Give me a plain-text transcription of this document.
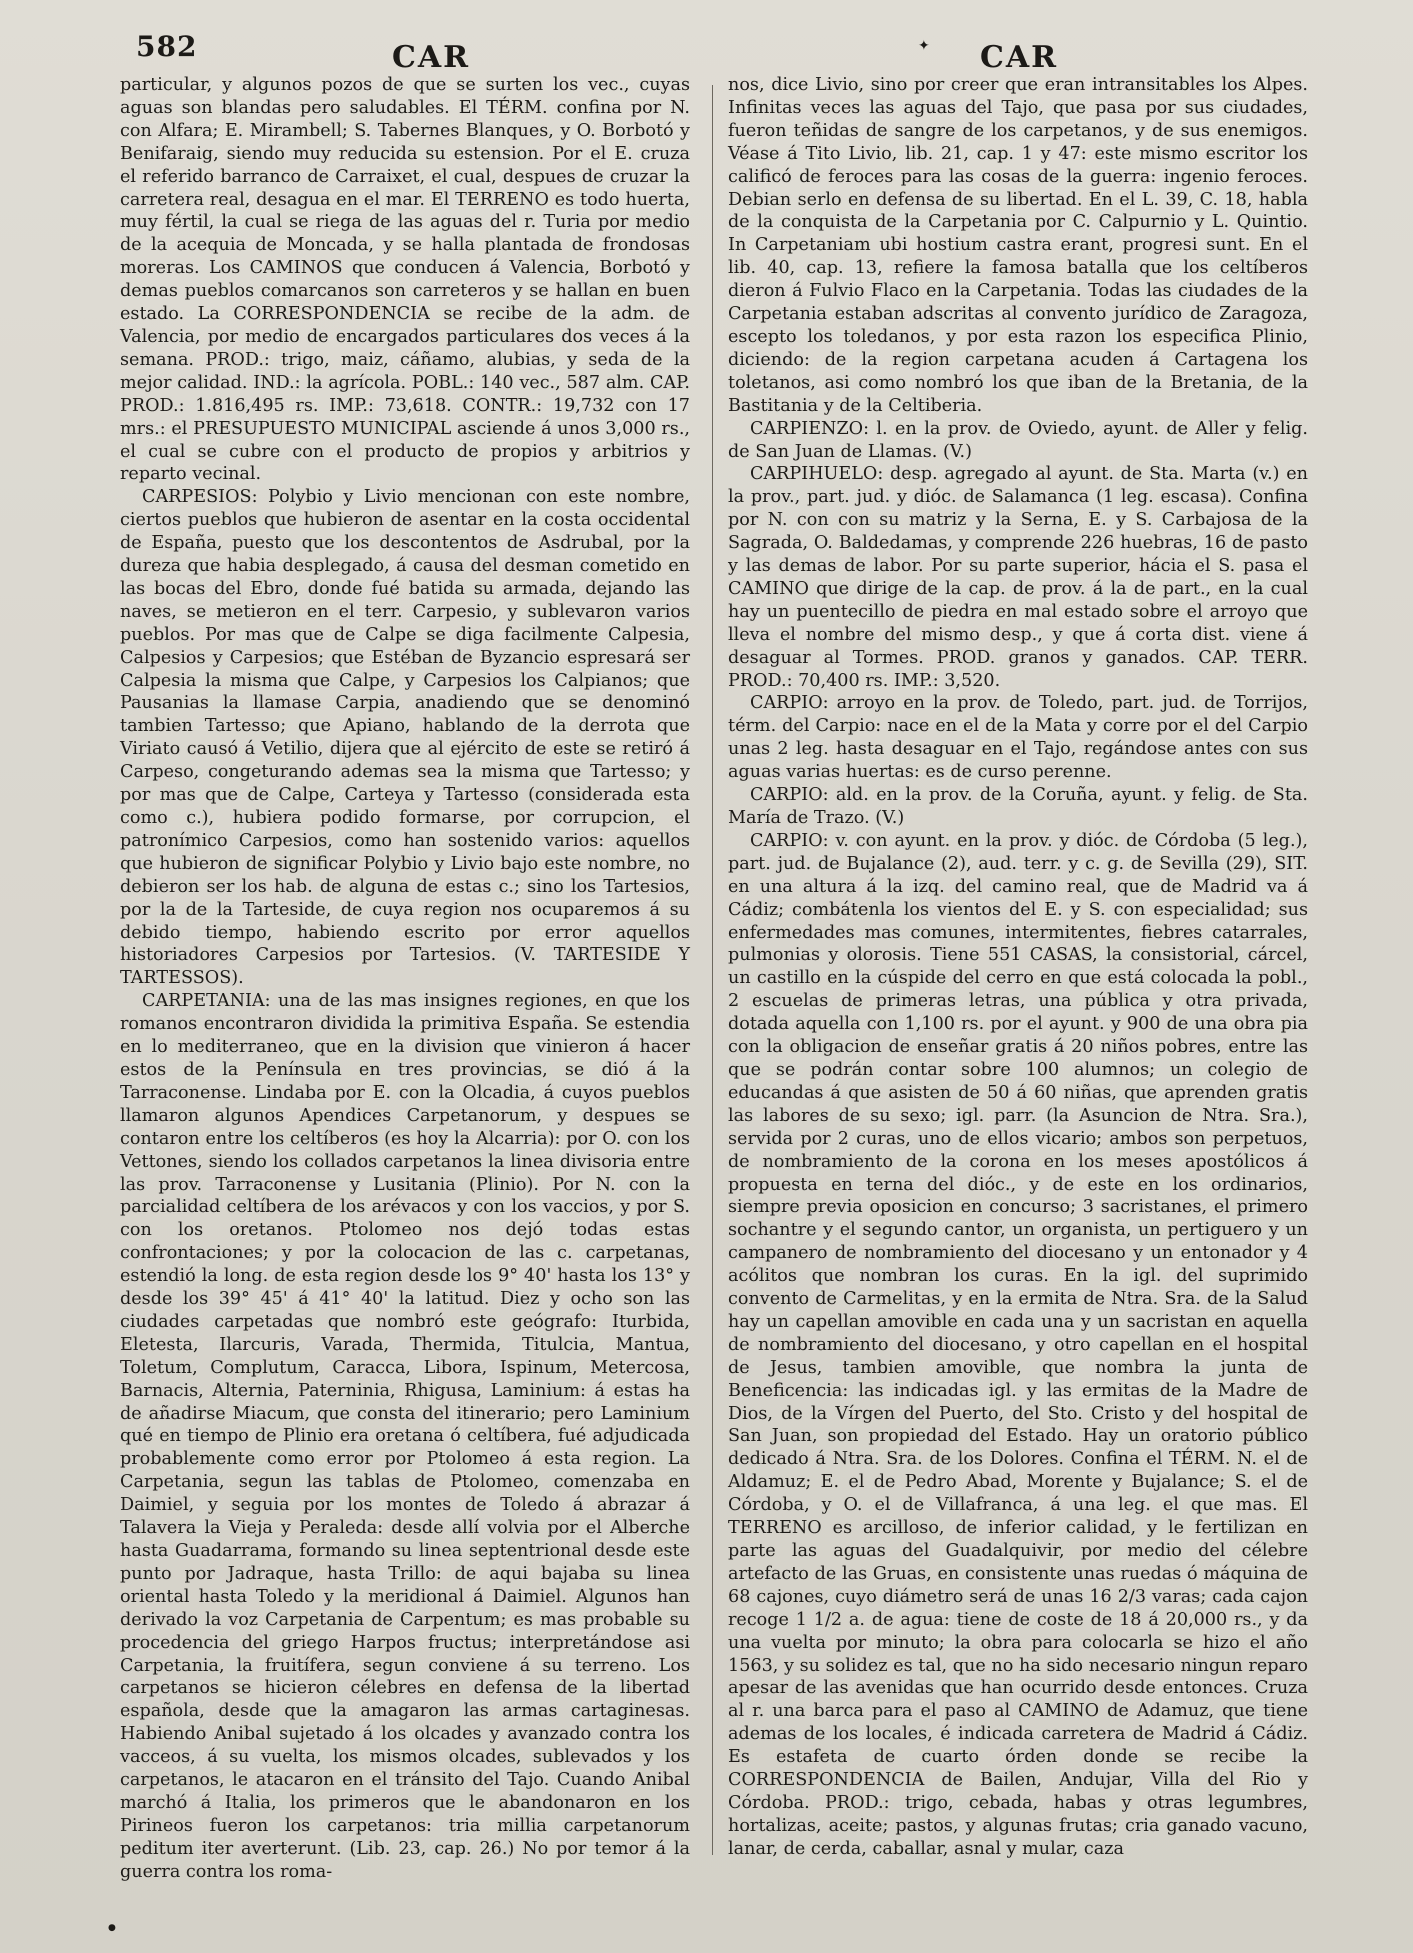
582	CAR	✦ CAR

particular, y algunos pozos de que se surten los vec., cuyas aguas son blandas pero saludables. El TÉRM. confina por N. con Alfara; E. Mirambell; S. Tabernes Blanques, y O. Borbotó y Benifaraig, siendo muy reducida su estension. Por el E. cruza el referido barranco de Carraixet, el cual, despues de cruzar la carretera real, desagua en el mar. El TERRENO es todo huerta, muy fértil, la cual se riega de las aguas del r. Turia por medio de la acequia de Moncada, y se halla plantada de frondosas moreras. Los CAMINOS que conducen á Valencia, Borbotó y demas pueblos comarcanos son carreteros y se hallan en buen estado. La CORRESPONDENCIA se recibe de la adm. de Valencia, por medio de encargados particulares dos veces á la semana. PROD.: trigo, maiz, cáñamo, alubias, y seda de la mejor calidad. IND.: la agrícola. POBL.: 140 vec., 587 alm. CAP. PROD.: 1.816,495 rs. IMP.: 73,618. CONTR.: 19,732 con 17 mrs.: el PRESUPUESTO MUNICIPAL asciende á unos 3,000 rs., el cual se cubre con el producto de propios y arbitrios y reparto vecinal.

CARPESIOS: Polybio y Livio mencionan con este nombre, ciertos pueblos que hubieron de asentar en la costa occidental de España, puesto que los descontentos de Asdrubal, por la dureza que habia desplegado, á causa del desman cometido en las bocas del Ebro, donde fué batida su armada, dejando las naves, se metieron en el terr. Carpesio, y sublevaron varios pueblos. Por mas que de Calpe se diga facilmente Calpesia, Calpesios y Carpesios; que Estéban de Byzancio espresará ser Calpesia la misma que Calpe, y Carpesios los Calpianos; que Pausanias la llamase Carpia, anadiendo que se denominó tambien Tartesso; que Apiano, hablando de la derrota que Viriato causó á Vetilio, dijera que al ejército de este se retiró á Carpeso, congeturando ademas sea la misma que Tartesso; y por mas que de Calpe, Carteya y Tartesso (considerada esta como c.), hubiera podido formarse, por corrupcion, el patronímico Carpesios, como han sostenido varios: aquellos que hubieron de significar Polybio y Livio bajo este nombre, no debieron ser los hab. de alguna de estas c.; sino los Tartesios, por la de la Tarteside, de cuya region nos ocuparemos á su debido tiempo, habiendo escrito por error aquellos historiadores Carpesios por Tartesios. (V. TARTESIDE Y TARTESSOS).

CARPETANIA: una de las mas insignes regiones, en que los romanos encontraron dividida la primitiva España. Se estendia en lo mediterraneo, que en la division que vinieron á hacer estos de la Península en tres provincias, se dió á la Tarraconense. Lindaba por E. con la Olcadia, á cuyos pueblos llamaron algunos Apendices Carpetanorum, y despues se contaron entre los celtíberos (es hoy la Alcarria): por O. con los Vettones, siendo los collados carpetanos la linea divisoria entre las prov. Tarraconense y Lusitania (Plinio). Por N. con la parcialidad celtíbera de los arévacos y con los vaccios, y por S. con los oretanos. Ptolomeo nos dejó todas estas confrontaciones; y por la colocacion de las c. carpetanas, estendió la long. de esta region desde los 9° 40' hasta los 13° y desde los 39° 45' á 41° 40' la latitud. Diez y ocho son las ciudades carpetadas que nombró este geógrafo: Iturbida, Eletesta, Ilarcuris, Varada, Thermida, Titulcia, Mantua, Toletum, Complutum, Caracca, Libora, Ispinum, Metercosa, Barnacis, Alternia, Paterninia, Rhigusa, Laminium: á estas ha de añadirse Miacum, que consta del itinerario; pero Laminium qué en tiempo de Plinio era oretana ó celtíbera, fué adjudicada probablemente como error por Ptolomeo á esta region. La Carpetania, segun las tablas de Ptolomeo, comenzaba en Daimiel, y seguia por los montes de Toledo á abrazar á Talavera la Vieja y Peraleda: desde allí volvia por el Alberche hasta Guadarrama, formando su linea septentrional desde este punto por Jadraque, hasta Trillo: de aqui bajaba su linea oriental hasta Toledo y la meridional á Daimiel. Algunos han derivado la voz Carpetania de Carpentum; es mas probable su procedencia del griego Harpos fructus; interpretándose asi Carpetania, la fruitífera, segun conviene á su terreno. Los carpetanos se hicieron célebres en defensa de la libertad española, desde que la amagaron las armas cartaginesas. Habiendo Anibal sujetado á los olcades y avanzado contra los vacceos, á su vuelta, los mismos olcades, sublevados y los carpetanos, le atacaron en el tránsito del Tajo. Cuando Anibal marchó á Italia, los primeros que le abandonaron en los Pirineos fueron los carpetanos: tria millia carpetanorum peditum iter averterunt. (Lib. 23, cap. 26.) No por temor á la guerra contra los roma-

nos, dice Livio, sino por creer que eran intransitables los Alpes. Infinitas veces las aguas del Tajo, que pasa por sus ciudades, fueron teñidas de sangre de los carpetanos, y de sus enemigos. Véase á Tito Livio, lib. 21, cap. 1 y 47: este mismo escritor los calificó de feroces para las cosas de la guerra: ingenio feroces. Debian serlo en defensa de su libertad. En el L. 39, C. 18, habla de la conquista de la Carpetania por C. Calpurnio y L. Quintio. In Carpetaniam ubi hostium castra erant, progresi sunt. En el lib. 40, cap. 13, refiere la famosa batalla que los celtíberos dieron á Fulvio Flaco en la Carpetania. Todas las ciudades de la Carpetania estaban adscritas al convento jurídico de Zaragoza, escepto los toledanos, y por esta razon los especifica Plinio, diciendo: de la region carpetana acuden á Cartagena los toletanos, asi como nombró los que iban de la Bretania, de la Bastitania y de la Celtiberia.

CARPIENZO: l. en la prov. de Oviedo, ayunt. de Aller y felig. de San Juan de Llamas. (V.)

CARPIHUELO: desp. agregado al ayunt. de Sta. Marta (v.) en la prov., part. jud. y dióc. de Salamanca (1 leg. escasa). Confina por N. con con su matriz y la Serna, E. y S. Carbajosa de la Sagrada, O. Baldedamas, y comprende 226 huebras, 16 de pasto y las demas de labor. Por su parte superior, hácia el S. pasa el CAMINO que dirige de la cap. de prov. á la de part., en la cual hay un puentecillo de piedra en mal estado sobre el arroyo que lleva el nombre del mismo desp., y que á corta dist. viene á desaguar al Tormes. PROD. granos y ganados. CAP. TERR. PROD.: 70,400 rs. IMP.: 3,520.

CARPIO: arroyo en la prov. de Toledo, part. jud. de Torrijos, térm. del Carpio: nace en el de la Mata y corre por el del Carpio unas 2 leg. hasta desaguar en el Tajo, regándose antes con sus aguas varias huertas: es de curso perenne.

CARPIO: ald. en la prov. de la Coruña, ayunt. y felig. de Sta. María de Trazo. (V.)

CARPIO: v. con ayunt. en la prov. y dióc. de Córdoba (5 leg.), part. jud. de Bujalance (2), aud. terr. y c. g. de Sevilla (29), SIT. en una altura á la izq. del camino real, que de Madrid va á Cádiz; combátenla los vientos del E. y S. con especialidad; sus enfermedades mas comunes, intermitentes, fiebres catarrales, pulmonias y olorosis. Tiene 551 CASAS, la consistorial, cárcel, un castillo en la cúspide del cerro en que está colocada la pobl., 2 escuelas de primeras letras, una pública y otra privada, dotada aquella con 1,100 rs. por el ayunt. y 900 de una obra pia con la obligacion de enseñar gratis á 20 niños pobres, entre las que se podrán contar sobre 100 alumnos; un colegio de educandas á que asisten de 50 á 60 niñas, que aprenden gratis las labores de su sexo; igl. parr. (la Asuncion de Ntra. Sra.), servida por 2 curas, uno de ellos vicario; ambos son perpetuos, de nombramiento de la corona en los meses apostólicos á propuesta en terna del dióc., y de este en los ordinarios, siempre previa oposicion en concurso; 3 sacristanes, el primero sochantre y el segundo cantor, un organista, un pertiguero y un campanero de nombramiento del diocesano y un entonador y 4 acólitos que nombran los curas. En la igl. del suprimido convento de Carmelitas, y en la ermita de Ntra. Sra. de la Salud hay un capellan amovible en cada una y un sacristan en aquella de nombramiento del diocesano, y otro capellan en el hospital de Jesus, tambien amovible, que nombra la junta de Beneficencia: las indicadas igl. y las ermitas de la Madre de Dios, de la Vírgen del Puerto, del Sto. Cristo y del hospital de San Juan, son propiedad del Estado. Hay un oratorio público dedicado á Ntra. Sra. de los Dolores. Confina el TÉRM. N. el de Aldamuz; E. el de Pedro Abad, Morente y Bujalance; S. el de Córdoba, y O. el de Villafranca, á una leg. el que mas. El TERRENO es arcilloso, de inferior calidad, y le fertilizan en parte las aguas del Guadalquivir, por medio del célebre artefacto de las Gruas, en consistente unas ruedas ó máquina de 68 cajones, cuyo diámetro será de unas 16 2/3 varas; cada cajon recoge 1 1/2 a. de agua: tiene de coste de 18 á 20,000 rs., y da una vuelta por minuto; la obra para colocarla se hizo el año 1563, y su solidez es tal, que no ha sido necesario ningun reparo apesar de las avenidas que han ocurrido desde entonces. Cruza al r. una barca para el paso al CAMINO de Adamuz, que tiene ademas de los locales, é indicada carretera de Madrid á Cádiz. Es estafeta de cuarto órden donde se recibe la CORRESPONDENCIA de Bailen, Andujar, Villa del Rio y Córdoba. PROD.: trigo, cebada, habas y otras legumbres, hortalizas, aceite; pastos, y algunas frutas; cria ganado vacuno, lanar, de cerda, caballar, asnal y mular, caza

●
